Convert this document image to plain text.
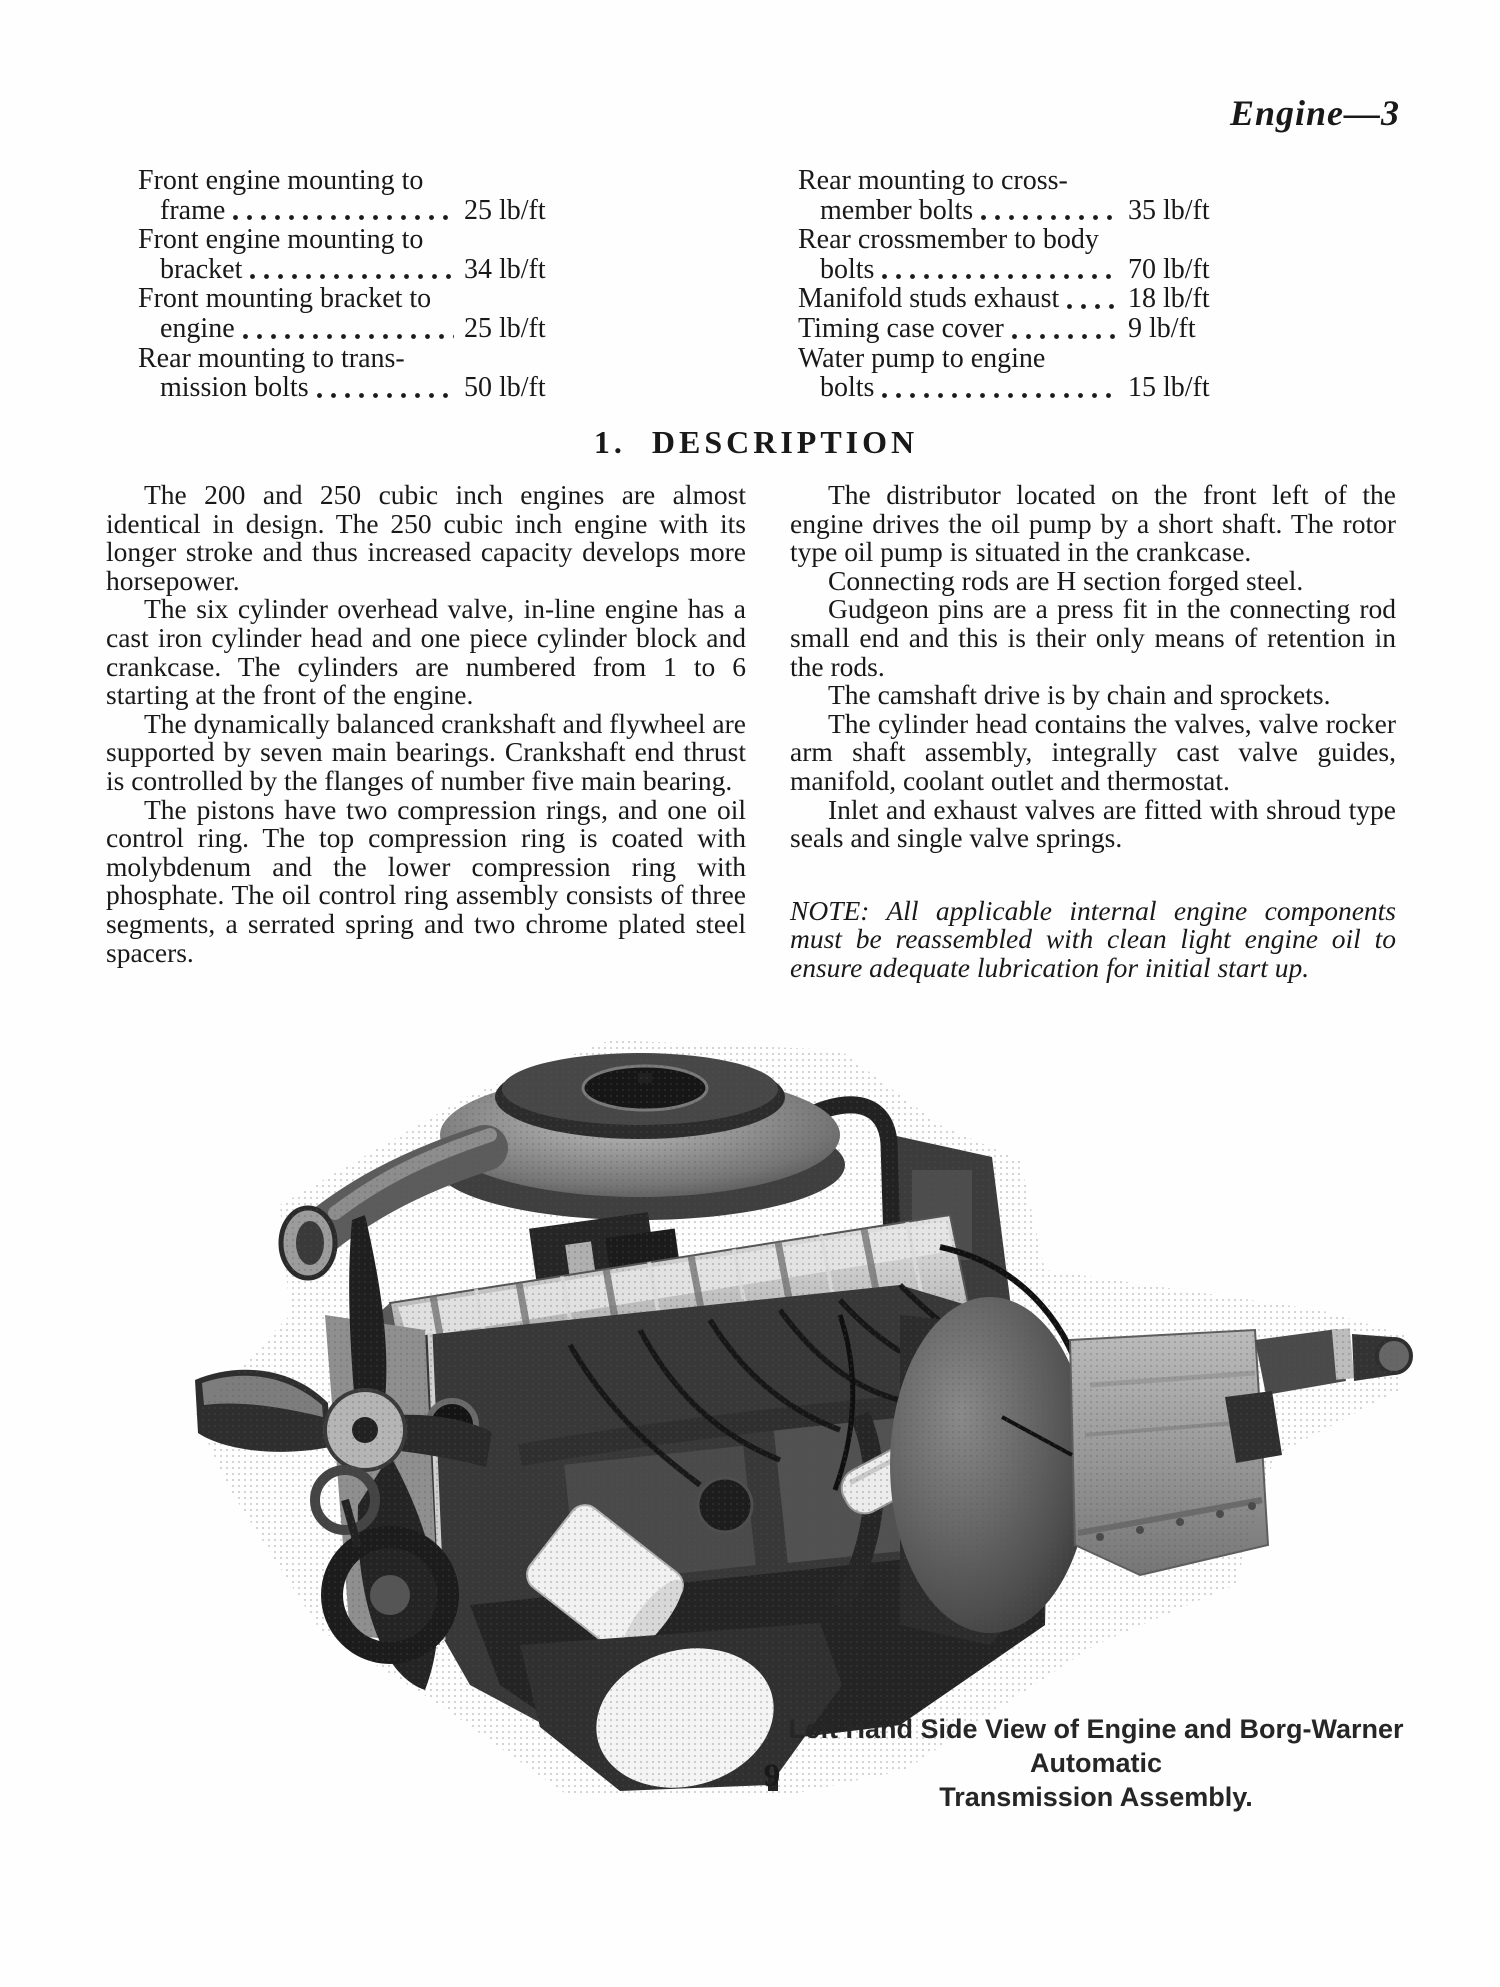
Engine—3
Front engine mounting to
frame	25 lb/ft
Front engine mounting to
bracket	34 lb/ft
Front mounting bracket to
engine	25 lb/ft
Rear mounting to trans-
mission bolts	50 lb/ft
Rear mounting to cross-
member bolts	35 lb/ft
Rear crossmember to body
bolts	70 lb/ft
Manifold studs exhaust 18 lb/ft
Timing case cover	9 lb/ft
Water pump to engine
bolts	15 lb/ft
1. DESCRIPTION

The 200 and 250 cubic inch engines are almost identical in design. The 250 cubic inch engine with its longer stroke and thus increased capacity develops more horsepower.

The six cylinder overhead valve, in-line engine has a cast iron cylinder head and one piece cylinder block and crankcase. The cylinders are numbered from 1 to 6 starting at the front of the engine.

The dynamically balanced crankshaft and flywheel are supported by seven main bearings. Crankshaft end thrust is controlled by the flanges of number five main bearing.

The pistons have two compression rings, and one oil control ring. The top compression ring is coated with molybdenum and the lower compression ring with phosphate. The oil control ring assembly consists of three segments, a serrated spring and two chrome plated steel spacers.

The distributor located on the front left of the engine drives the oil pump by a short shaft. The rotor type oil pump is situated in the crankcase.

Connecting rods are H section forged steel.

Gudgeon pins are a press fit in the connecting rod small end and this is their only means of retention in the rods.

The camshaft drive is by chain and sprockets.

The cylinder head contains the valves, valve rocker arm shaft assembly, integrally cast valve guides, manifold, coolant outlet and thermostat.

Inlet and exhaust valves are fitted with shroud type seals and single valve springs.

NOTE: All applicable internal engine components must be reassembled with clean light engine oil to ensure adequate lubrication for initial start up.

Left Hand Side View of Engine and Borg-Warner Automatic
Transmission Assembly.
9
